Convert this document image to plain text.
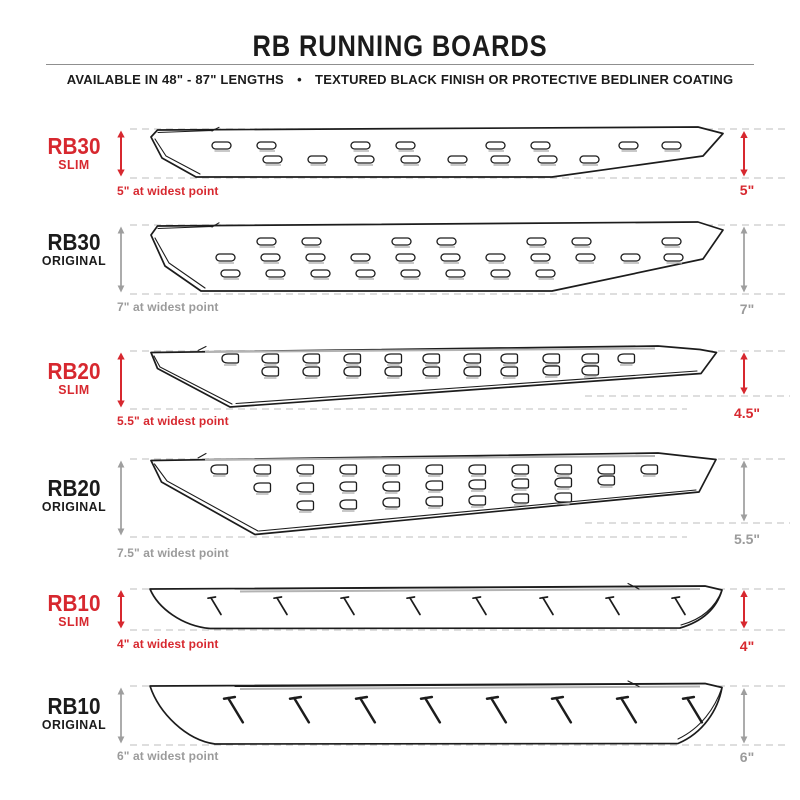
RB RUNNING BOARDS
AVAILABLE IN 48" - 87" LENGTHS • TEXTURED BLACK FINISH OR PROTECTIVE BEDLINER COATING
RB30
SLIM
5" at widest point	5"
RB30
ORIGINAL
7" at widest point	7"
RB20
SLIM
5.5" at widest point	4.5"
RB20
ORIGINAL
7.5" at widest point
5.5"
RB10
SLIM
4" at widest point	4"
RB10
ORIGINAL
6" at widest point	6"
